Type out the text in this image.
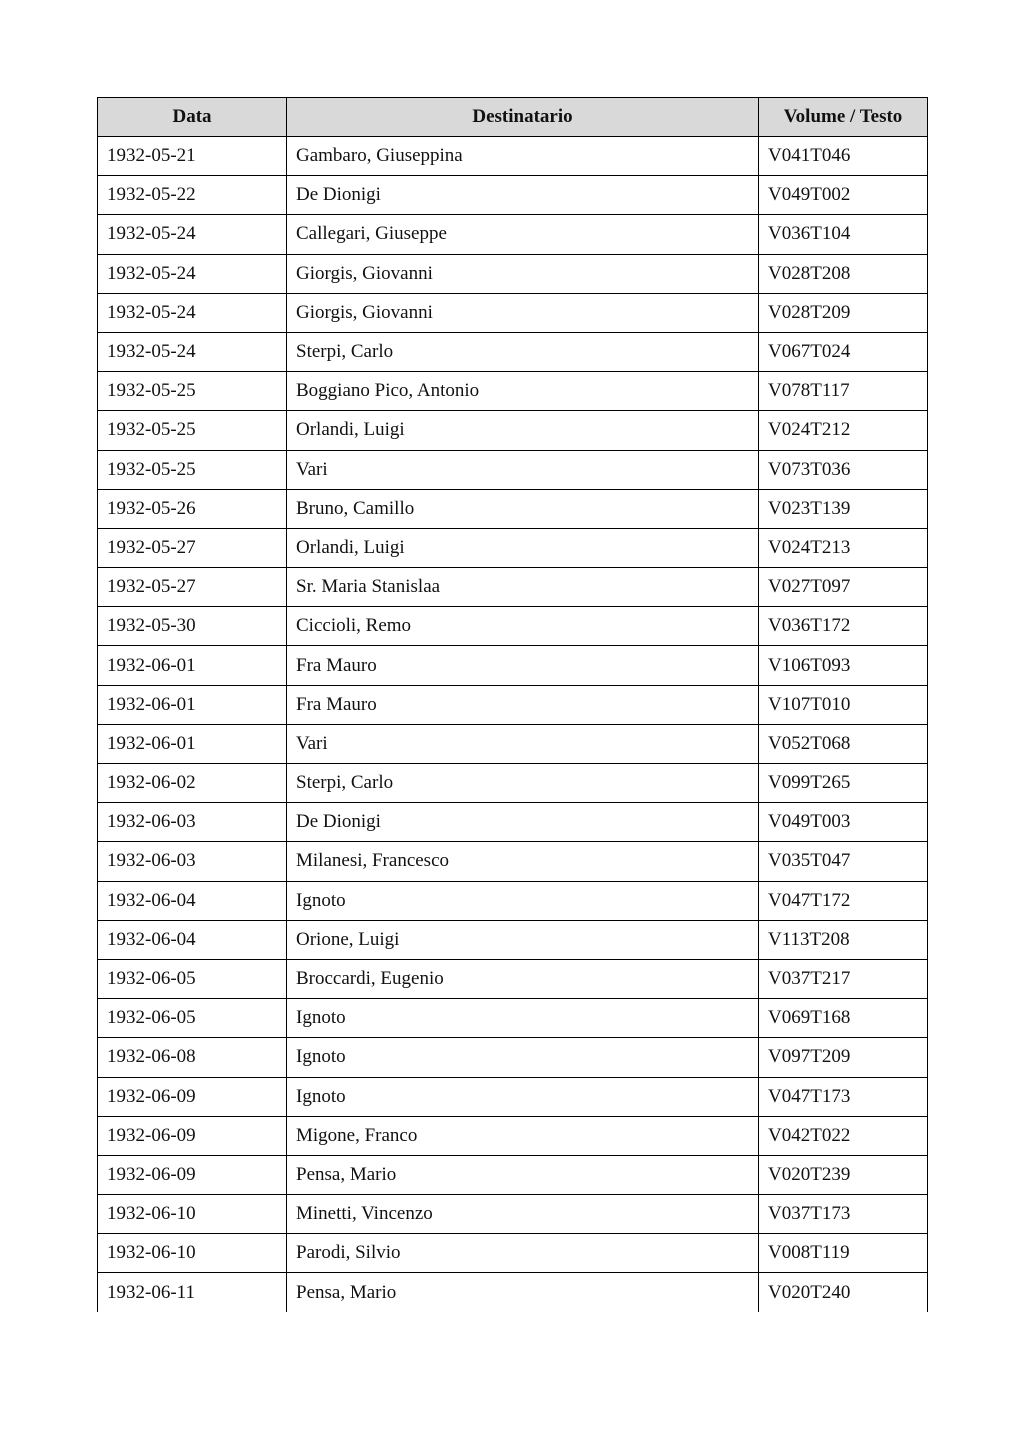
Data	Destinatario	Volume / Testo
1932-05-21	Gambaro, Giuseppina	V041T046
1932-05-22	De Dionigi	V049T002
1932-05-24	Callegari, Giuseppe	V036T104
1932-05-24	Giorgis, Giovanni	V028T208
1932-05-24	Giorgis, Giovanni	V028T209
1932-05-24	Sterpi, Carlo	V067T024
1932-05-25	Boggiano Pico, Antonio	V078T117
1932-05-25	Orlandi, Luigi	V024T212
1932-05-25	Vari	V073T036
1932-05-26	Bruno, Camillo	V023T139
1932-05-27	Orlandi, Luigi	V024T213
1932-05-27	Sr. Maria Stanislaa	V027T097
1932-05-30	Ciccioli, Remo	V036T172
1932-06-01	Fra Mauro	V106T093
1932-06-01	Fra Mauro	V107T010
1932-06-01	Vari	V052T068
1932-06-02	Sterpi, Carlo	V099T265
1932-06-03	De Dionigi	V049T003
1932-06-03	Milanesi, Francesco	V035T047
1932-06-04	Ignoto	V047T172
1932-06-04	Orione, Luigi	V113T208
1932-06-05	Broccardi, Eugenio	V037T217
1932-06-05	Ignoto	V069T168
1932-06-08	Ignoto	V097T209
1932-06-09	Ignoto	V047T173
1932-06-09	Migone, Franco	V042T022
1932-06-09	Pensa, Mario	V020T239
1932-06-10	Minetti, Vincenzo	V037T173
1932-06-10	Parodi, Silvio	V008T119
1932-06-11	Pensa, Mario	V020T240
